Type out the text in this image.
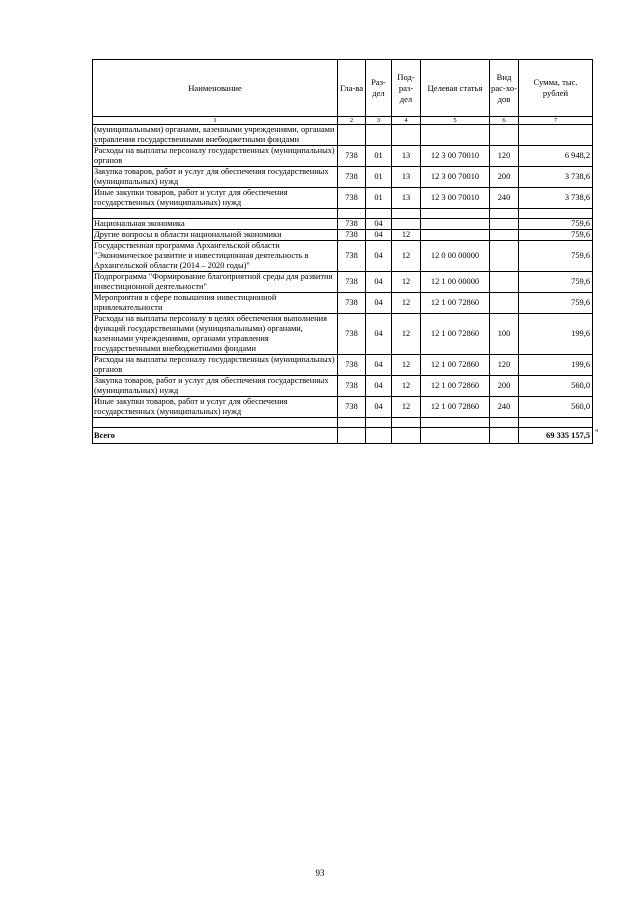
Наименование	Гла-ва	Раз-дел	Под-раз-дел	Целевая статья	Вид рас-хо-дов	Сумма, тыс. рублей
1	2	3	4	5	6	7
(муниципальными) органами, казенными учреждениями, органами управления государственными внебюджетными фондами						
Расходы на выплаты персоналу государственных (муниципальных) органов	738	01	13	12 3 00 70010	120	6 948,2
Закупка товаров, работ и услуг для обеспечения государственных (муниципальных) нужд	738	01	13	12 3 00 70010	200	3 738,6
Иные закупки товаров, работ и услуг для обеспечения государственных (муниципальных) нужд	738	01	13	12 3 00 70010	240	3 738,6

Национальная экономика	738	04				759,6
Другие вопросы в области национальной экономики	738	04	12			759,6
Государственная программа Архангельской области "Экономическое развитие и инвестиционная деятельность в Архангельской области (2014 – 2020 годы)"	738	04	12	12 0 00 00000		759,6
Подпрограмма "Формирование благоприятной среды для развития инвестиционной деятельности"	738	04	12	12 1 00 00000		759,6
Мероприятия в сфере повышения инвестиционной привлекательности	738	04	12	12 1 00 72860		759,6
Расходы на выплаты персоналу в целях обеспечения выполнения функций государственными (муниципальными) органами, казенными учреждениями, органами управления государственными внебюджетными фондами	738	04	12	12 1 00 72860	100	199,6
Расходы на выплаты персоналу государственных (муниципальных) органов	738	04	12	12 1 00 72860	120	199,6
Закупка товаров, работ и услуг для обеспечения государственных (муниципальных) нужд	738	04	12	12 1 00 72860	200	560,0
Иные закупки товаров, работ и услуг для обеспечения государственных (муниципальных) нужд	738	04	12	12 1 00 72860	240	560,0

Всего						69 335 157,5 "
93
